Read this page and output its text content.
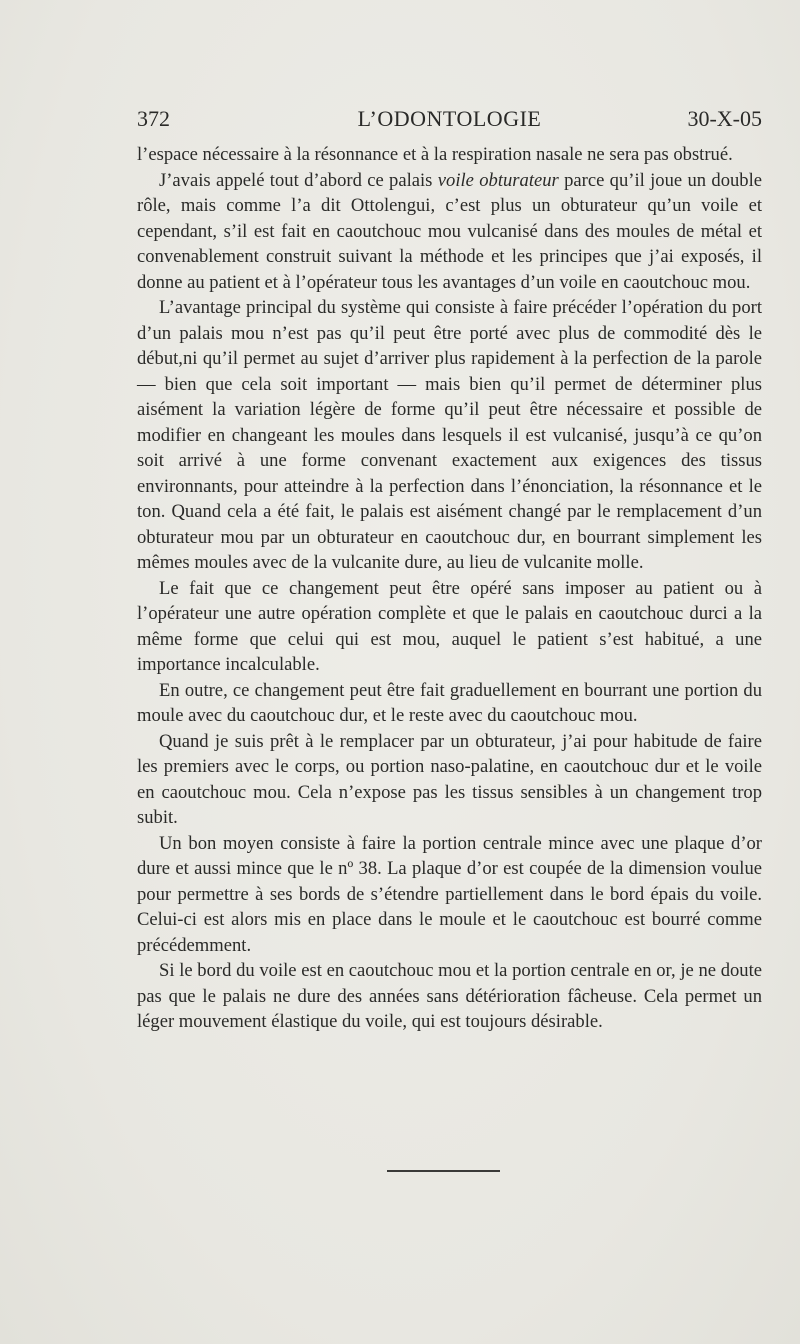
372	L’ODONTOLOGIE	30-X-05

l’espace nécessaire à la résonnance et à la respiration nasale ne sera pas obstrué.

J’avais appelé tout d’abord ce palais voile obturateur parce qu’il joue un double rôle, mais comme l’a dit Ottolengui, c’est plus un obturateur qu’un voile et cependant, s’il est fait en caoutchouc mou vulcanisé dans des moules de métal et convenablement construit suivant la méthode et les principes que j’ai exposés, il donne au patient et à l’opérateur tous les avantages d’un voile en caoutchouc mou.

L’avantage principal du système qui consiste à faire précéder l’opération du port d’un palais mou n’est pas qu’il peut être porté avec plus de commodité dès le début,ni qu’il permet au sujet d’arriver plus rapidement à la perfection de la parole— bien que cela soit important — mais bien qu’il permet de déterminer plus aisément la variation légère de forme qu’il peut être nécessaire et possible de modifier en changeant les moules dans lesquels il est vulcanisé, jusqu’à ce qu’on soit arrivé à une forme convenant exactement aux exigences des tissus environnants, pour atteindre à la perfection dans l’énonciation, la résonnance et le ton. Quand cela a été fait, le palais est aisément changé par le remplacement d’un obturateur mou par un obturateur en caoutchouc dur, en bourrant simplement les mêmes moules avec de la vulcanite dure, au lieu de vulcanite molle.

Le fait que ce changement peut être opéré sans imposer au patient ou à l’opérateur une autre opération complète et que le palais en caoutchouc durci a la même forme que celui qui est mou, auquel le patient s’est habitué, a une importance incalculable.

En outre, ce changement peut être fait graduellement en bourrant une portion du moule avec du caoutchouc dur, et le reste avec du caoutchouc mou.

Quand je suis prêt à le remplacer par un obturateur, j’ai pour habitude de faire les premiers avec le corps, ou portion naso-palatine, en caoutchouc dur et le voile en caoutchouc mou. Cela n’expose pas les tissus sensibles à un changement trop subit.

Un bon moyen consiste à faire la portion centrale mince avec une plaque d’or dure et aussi mince que le nº 38. La plaque d’or est coupée de la dimension voulue pour permettre à ses bords de s’étendre partiellement dans le bord épais du voile. Celui-ci est alors mis en place dans le moule et le caoutchouc est bourré comme précédemment.

Si le bord du voile est en caoutchouc mou et la portion centrale en or, je ne doute pas que le palais ne dure des années sans détérioration fâcheuse. Cela permet un léger mouvement élastique du voile, qui est toujours désirable.
